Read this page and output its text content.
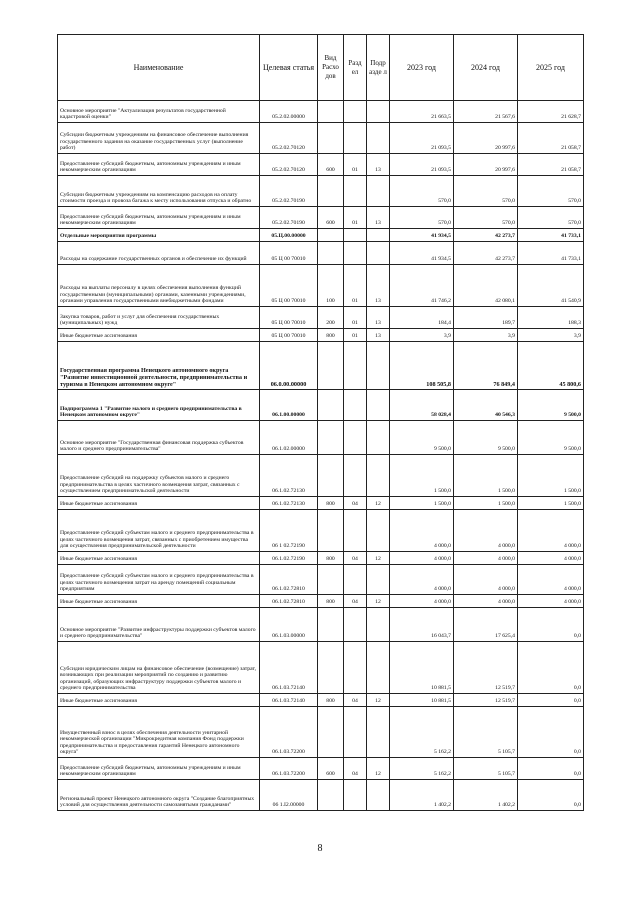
Наименование	Целевая статья	Вид Расхо дов	Разд ел	Подр азде л	2023 год	2024 год	2025 год
Основное мероприятие "Актуализация результатов государственной кадастровой оценки"	05.2.02.00000				21 663,5	21 567,6	21 628,7
Субсидии бюджетным учреждениям на финансовое обеспечение выполнения государственного задания на оказание государственных услуг (выполнение работ)	05.2.02.70120				21 093,5	20 997,6	21 058,7
Предоставление субсидий бюджетным, автономным учреждениям и иным некоммерческим организациям	05.2.02.70120	600	01	13	21 093,5	20 997,6	21 058,7
Субсидии бюджетным учреждениям на компенсацию расходов на оплату стоимости проезда и провоза багажа к месту использования отпуска и обратно	05.2.02.70190				570,0	570,0	570,0
Предоставление субсидий бюджетным, автономным учреждениям и иным некоммерческим организациям	05.2.02.70190	600	01	13	570,0	570,0	570,0
Отдельные мероприятия программы	05.Ц.00.00000				41 934,5	42 273,7	41 733,1
Расходы на содержание государственных органов и обеспечение их функций	05 Ц 00 70010				41 934,5	42 273,7	41 733,1
Расходы на выплаты персоналу в целях обеспечения выполнения функций государственными (муниципальными) органами, казенными учреждениями, органами управления государственными внебюджетными фондами	05 Ц 00 70010	100	01	13	41 746,2	42 080,1	41 540,9
Закупка товаров, работ и услуг для обеспечения государственных (муниципальных) нужд	05 Ц 00 70010	200	01	13	184,4	189,7	188,3
Иные бюджетные ассигнования	05 Ц 00 70010	800	01	13	3,9	3,9	3,9
Государственная программа Ненецкого автономного округа "Развитие инвестиционной деятельности, предпринимательства и туризма в Ненецком автономном округе"	06.0.00.00000				108 505,8	76 849,4	45 800,6
Подпрограмма 1 "Развитие малого и среднего предпринимательства в Ненецком автономном округе"	06.1.00.00000				58 028,4	40 546,3	9 500,0
Основное мероприятие "Государственная финансовая поддержка субъектов малого и среднего предпринимательства"	06.1.02.00000				9 500,0	9 500,0	9 500,0
Предоставление субсидий на поддержку субъектов малого и среднего предпринимательства в целях частичного возмещения затрат, связанных с осуществлением предпринимательской деятельности	06.1.02.72130				1 500,0	1 500,0	1 500,0
Иные бюджетные ассигнования	06.1.02.72130	800	04	12	1 500,0	1 500,0	1 500,0
Предоставление субсидий субъектам малого и среднего предпринимательства в целях частичного возмещения затрат, связанных с приобретением имущества для осуществления предпринимательской деятельности	06 1 02.72190				4 000,0	4 000,0	4 000,0
Иные бюджетные ассигнования	06.1.02.72190	800	04	12	4 000,0	4 000,0	4 000,0
Предоставление субсидий субъектам малого и среднего предпринимательства в целях частичного возмещения затрат на аренду помещений социальным предприятиям	06.1.02.72810				4 000,0	4 000,0	4 000,0
Иные бюджетные ассигнования	06.1.02.72810	800	04	12	4 000,0	4 000,0	4 000,0
Основное мероприятие "Развитие инфраструктуры поддержки субъектов малого и среднего предпринимательства"	06.1.03.00000				16 043,7	17 625,4	0,0
Субсидии юридическим лицам на финансовое обеспечение (возмещение) затрат, возникающих при реализации мероприятий по созданию и развитию организаций, образующих инфраструктуру поддержки субъектов малого и среднего предпринимательства	06.1.03.72140				10 881,5	12 519,7	0,0
Иные бюджетные ассигнования	06.1.03.72140	800	04	12	10 881,5	12 519,7	0,0
Имущественный взнос в целях обеспечения деятельности унитарной некоммерческой организации "Микрокредитная компания Фонд поддержки предпринимательства и предоставления гарантий Ненецкого автономного округа"	06.1.03.72200				5 162,2	5 105,7	0,0
Предоставление субсидий бюджетным, автономным учреждениям и иным некоммерческим организациям	06.1.03.72200	600	04	12	5 162,2	5 105,7	0,0
Региональный проект Ненецкого автономного округа "Создание благоприятных условий для осуществления деятельности самозанятыми гражданами"	06 1.I2.00000				1 402,2	1 402,2	0,0
8
